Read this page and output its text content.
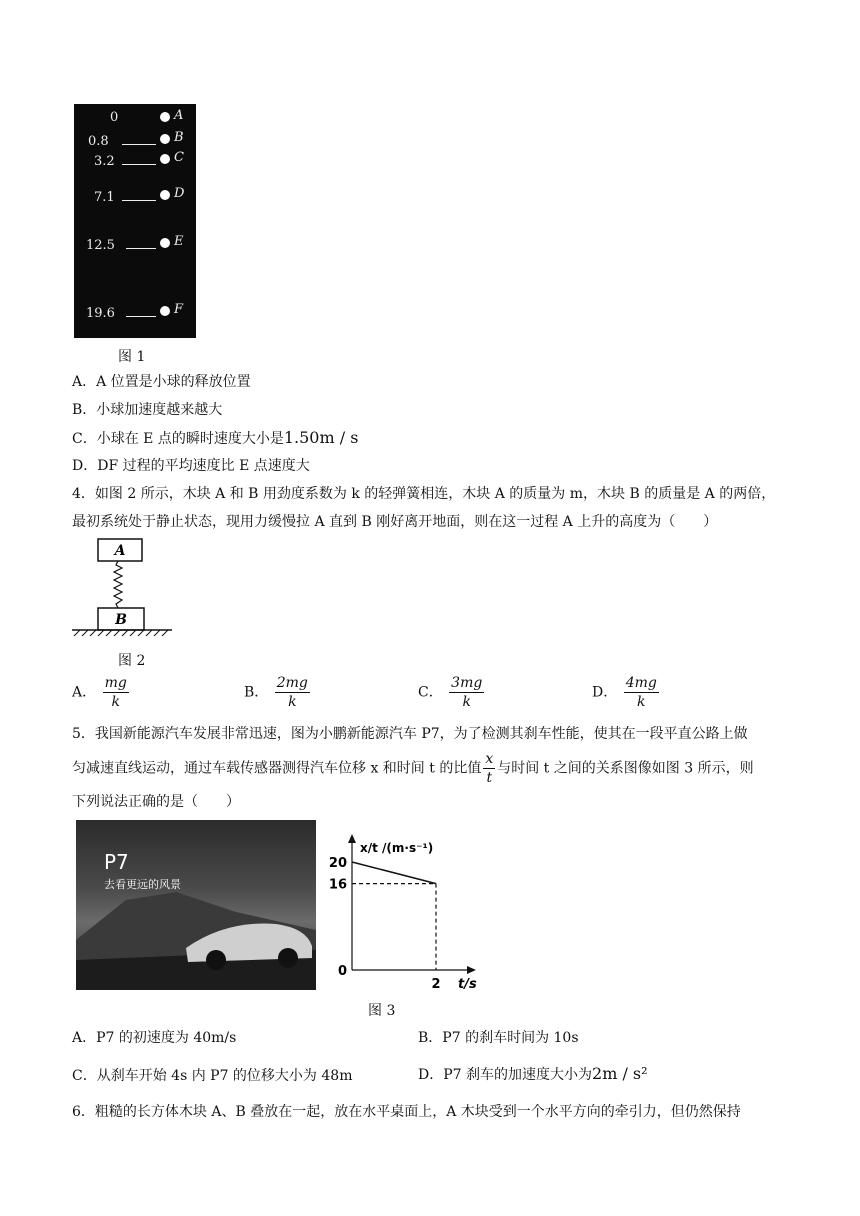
0	A
0.8	B
3.2	C
7.1	D
12.5	E
19.6	F
图 1
A．A 位置是小球的释放位置
B．小球加速度越来越大
C．小球在 E 点的瞬时速度大小是1.50m / s
D．DF 过程的平均速度比 E 点速度大
4．如图 2 所示，木块 A 和 B 用劲度系数为 k 的轻弹簧相连，木块 A 的质量为 m，木块 B 的质量是 A 的两倍，
最初系统处于静止状态，现用力缓慢拉 A 直到 B 刚好离开地面，则在这一过程 A 上升的高度为（　　）
A
B
图 2
A． $\frac{mg}{k}$	B． $\frac{2mg}{k}$	C． $\frac{3mg}{k}$	D． $\frac{4mg}{k}$
5．我国新能源汽车发展非常迅速，图为小鹏新能源汽车 P7，为了检测其刹车性能，使其在一段平直公路上做
匀减速直线运动，通过车载传感器测得汽车位移 x 和时间 t 的比值 $\frac{x}{t}$ 与时间 t 之间的关系图像如图 3 所示，则
下列说法正确的是（　　）
P7
去看更远的风景
20
16
0
2
x/t /(m·s⁻¹)
t/s
图 3
A．P7 的初速度为 40m/s	B．P7 的刹车时间为 10s
C．从刹车开始 4s 内 P7 的位移大小为 48m	D．P7 刹车的加速度大小为2m / s²
6．粗糙的长方体木块 A、B 叠放在一起，放在水平桌面上，A 木块受到一个水平方向的牵引力，但仍然保持
